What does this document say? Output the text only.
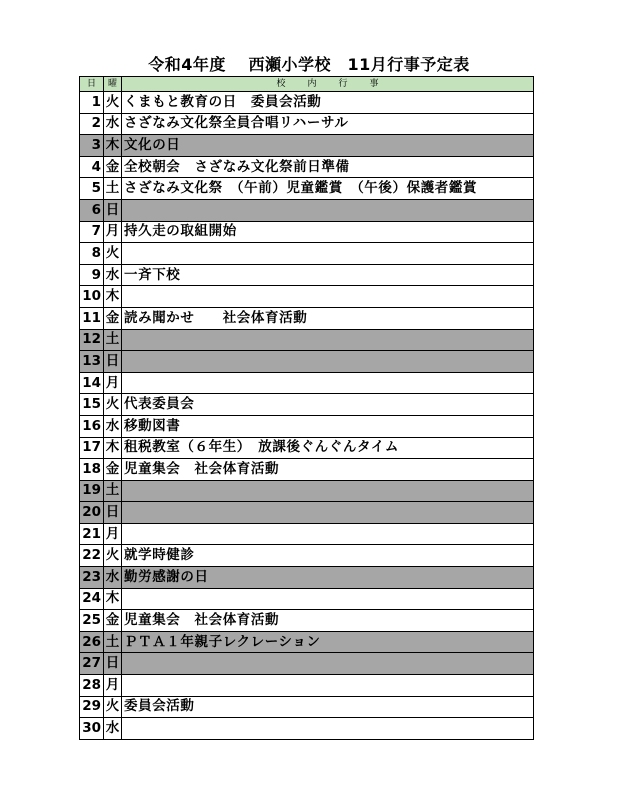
令和4年度　 西瀬小学校　11月行事予定表
日	曜	校内行事
1	火	くまもと教育の日　委員会活動
2	水	さざなみ文化祭全員合唱リハーサル
3	木	文化の日
4	金	全校朝会　さざなみ文化祭前日準備
5	土	さざなみ文化祭　（午前）児童鑑賞　（午後）保護者鑑賞
6	日	
7	月	持久走の取組開始
8	火	
9	水	一斉下校
10	木	
11	金	読み聞かせ　　社会体育活動
12	土	
13	日	
14	月	
15	火	代表委員会
16	水	移動図書
17	木	租税教室（６年生）　放課後ぐんぐんタイム
18	金	児童集会　社会体育活動
19	土	
20	日	
21	月	
22	火	就学時健診
23	水	勤労感謝の日
24	木	
25	金	児童集会　社会体育活動
26	土	ＰＴＡ１年親子レクレーション
27	日	
28	月	
29	火	委員会活動
30	水	
